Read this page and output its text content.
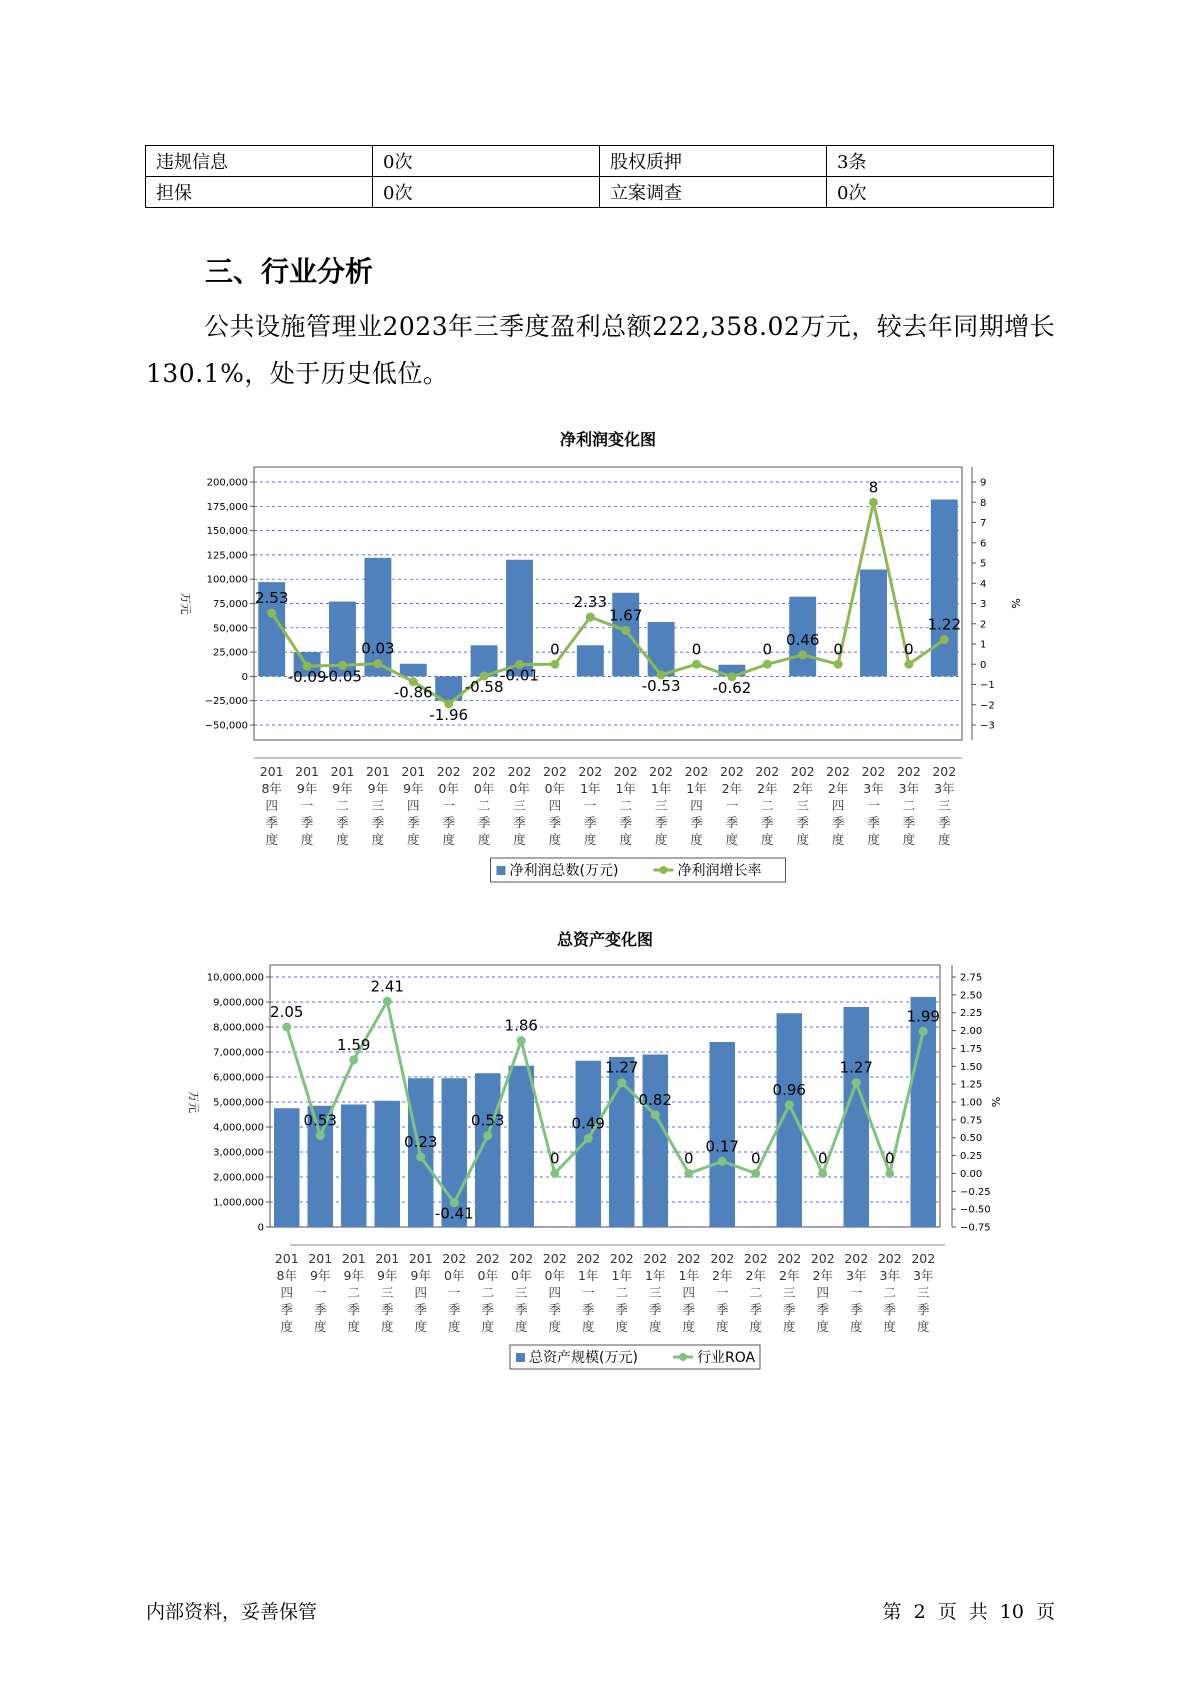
违规信息	0次	股权质押	3条
担保	0次	立案调查	0次
三、行业分析

公共设施管理业2023年三季度盈利总额222,358.02万元，较去年同期增长130.1%，处于历史低位。

净利润变化图
200,000
175,000
150,000
125,000
100,000
75,000
50,000
25,000
0
−25,000
−50,000
9
8
7
6
5
4
3
2
1
0
−1
−2
−3
万元	%
2.53
-0.09
-0.05
0.03
-0.86
-1.96
-0.58
-0.01
0
2.33
1.67
-0.53
0
-0.62
0
0.46
0
8
0
1.22
201 8年四季度
201 9年一季度
201 9年二季度
201 9年三季度
201 9年四季度
202 0年一季度
202 0年二季度
202 0年三季度
202 0年四季度
202 1年一季度
202 1年二季度
202 1年三季度
202 1年四季度
202 2年一季度
202 2年二季度
202 2年三季度
202 2年四季度
202 3年一季度
202 3年二季度
202 3年三季度
净利润总数(万元)	净利润增长率
总资产变化图
10,000,000
9,000,000
8,000,000
7,000,000
6,000,000
5,000,000
4,000,000
3,000,000
2,000,000
1,000,000
0
2.75
2.50
2.25
2.00
1.75
1.50
1.25
1.00
0.75
0.50
0.25
0.00
−0.25
−0.50
−0.75
万元	%
2.05
0.53
1.59
2.41
0.23
-0.41
0.53
1.86
0
0.49
1.27
0.82
0
0.17
0
0.96
0
1.27
0
1.99
201 8年四季度
201 9年一季度
201 9年二季度
201 9年三季度
201 9年四季度
202 0年一季度
202 0年二季度
202 0年三季度
202 0年四季度
202 1年一季度
202 1年二季度
202 1年三季度
202 1年四季度
202 2年一季度
202 2年二季度
202 2年三季度
202 2年四季度
202 3年一季度
202 3年二季度
202 3年三季度
总资产规模(万元)	行业ROA

内部资料，妥善保管	第 2 页 共 10 页
